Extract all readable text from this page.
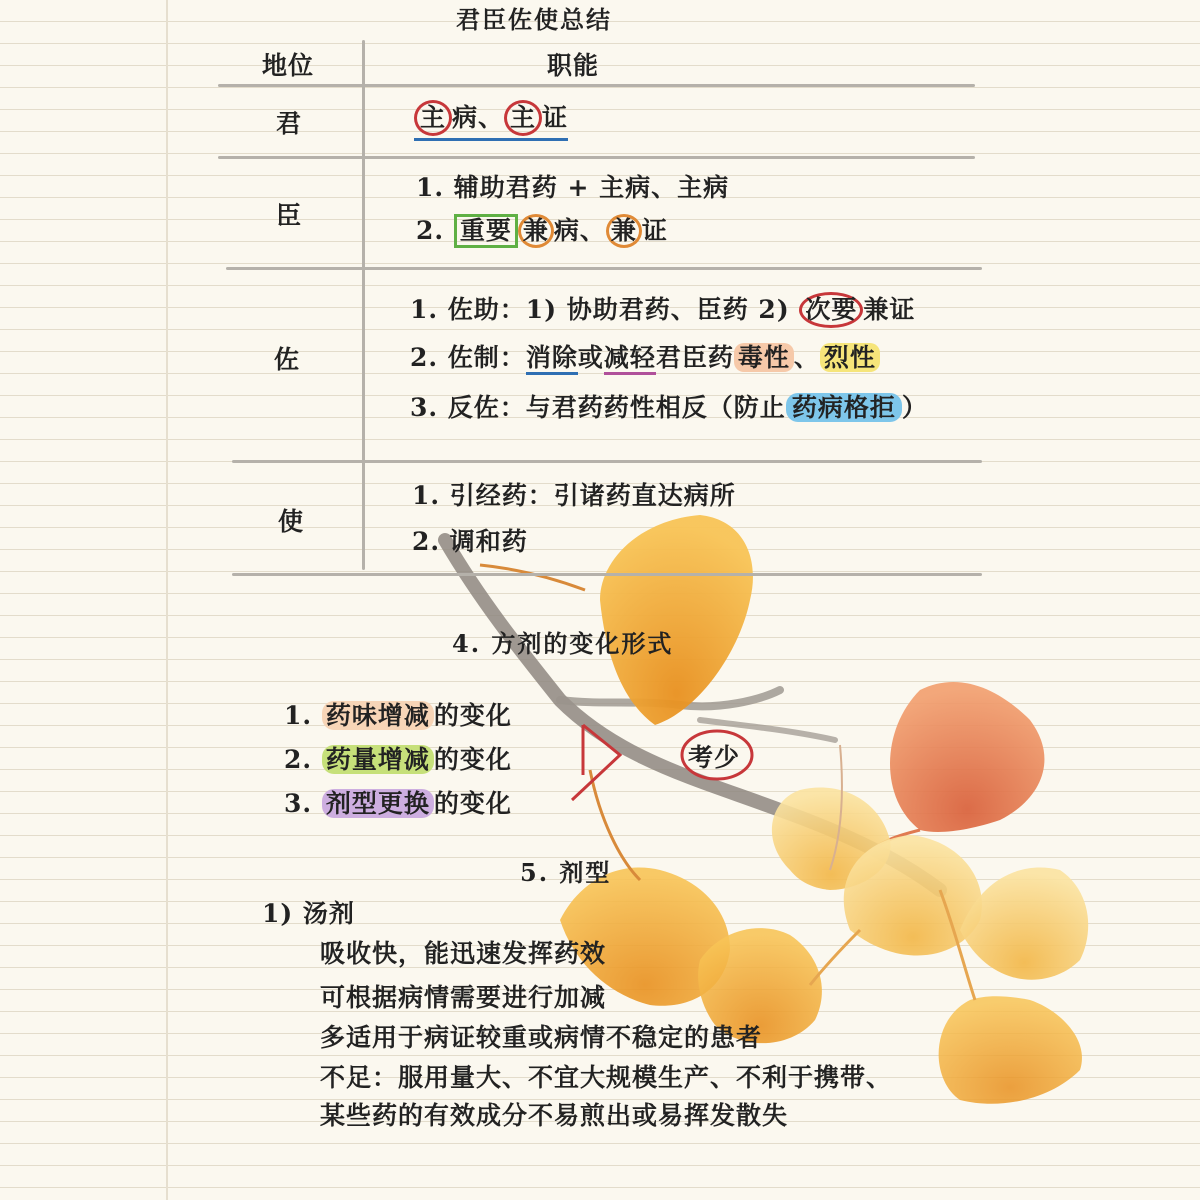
君臣佐使总结
地位	职能
君	主 病、 主 证
臣
1. 辅助君药 + 主病、主病
2. 重要 兼 病、 兼 证
佐
1. 佐助：1) 协助君药、臣药 2) 次要 兼证
2. 佐制：消除或减轻君臣药 毒性 、 烈性
3. 反佐：与君药药性相反（防止 药病格拒 ）
使
1. 引经药：引诸药直达病所
2. 调和药
4. 方剂的变化形式
1. 药味增减 的变化
2. 药量增减 的变化
3. 剂型更换 的变化
考少
5. 剂型
1) 汤剂
吸收快，能迅速发挥药效
可根据病情需要进行加减
多适用于病证较重或病情不稳定的患者
不足：服用量大、不宜大规模生产、不利于携带、
某些药的有效成分不易煎出或易挥发散失
